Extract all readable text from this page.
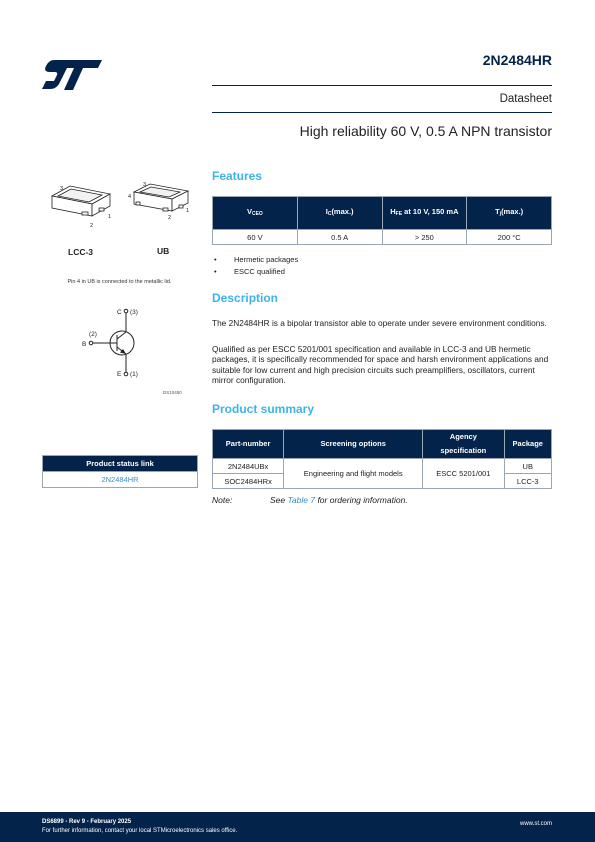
2N2484HR
Datasheet
High reliability 60 V, 0.5 A NPN transistor
3
2
1
3
4
2
1
LCC-3	UB
Pin 4 in UB is connected to the metallic lid.
C (3)
(2)
B
E (1)
DS10450
Product status link
2N2484HR
Features
$V_{CEO}$	$I_C(\max.)$	$H_{FE}$ at 10 V, 150 mA	$T_j(\max.)$
60 V	0.5 A	> 250	200 °C
• Hermetic packages
• ESCC qualified
Description
The 2N2484HR is a bipolar transistor able to operate under severe environment conditions.
Qualified as per ESCC 5201/001 specification and available in LCC-3 and UB hermetic packages, it is specifically recommended for space and harsh environment applications and suitable for low current and high precision circuits such preamplifiers, oscillators, current mirror configuration.
Product summary
Part-number	Screening options	Agency specification	Package
2N2484UBx	Engineering and flight models	ESCC 5201/001	UB
SOC2484HRx			LCC-3
Note:	See Table 7 for ordering information.
DS6899 - Rev 9 - February 2025
For further information, contact your local STMicroelectronics sales office.
www.st.com
